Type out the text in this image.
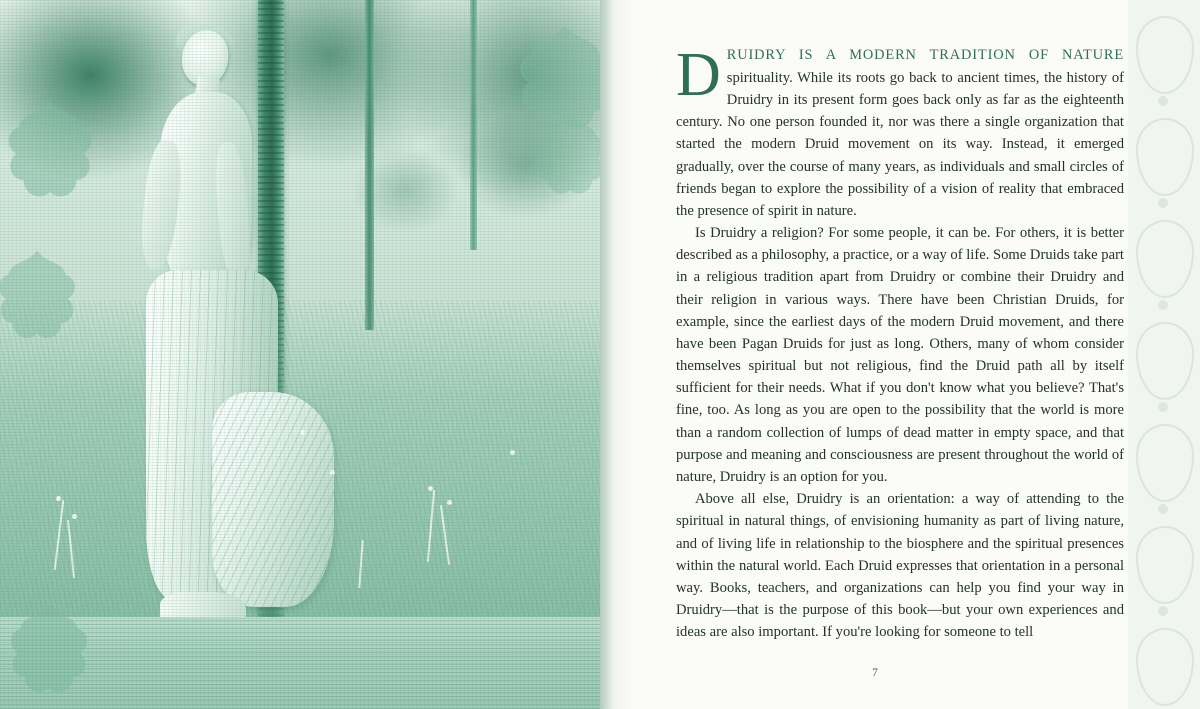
DRUIDRY IS A MODERN TRADITION OF NATURE spirituality. While its roots go back to ancient times, the history of Druidry in its present form goes back only as far as the eighteenth century. No one person founded it, nor was there a single organization that started the modern Druid movement on its way. Instead, it emerged gradually, over the course of many years, as individuals and small circles of friends began to explore the possibility of a vision of reality that embraced the presence of spirit in nature.

Is Druidry a religion? For some people, it can be. For others, it is better described as a philosophy, a practice, or a way of life. Some Druids take part in a religious tradition apart from Druidry or combine their Druidry and their religion in various ways. There have been Christian Druids, for example, since the earliest days of the modern Druid movement, and there have been Pagan Druids for just as long. Others, many of whom consider themselves spiritual but not religious, find the Druid path all by itself sufficient for their needs. What if you don't know what you believe? That's fine, too. As long as you are open to the possibility that the world is more than a random collection of lumps of dead matter in empty space, and that purpose and meaning and consciousness are present throughout the world of nature, Druidry is an option for you.

Above all else, Druidry is an orientation: a way of attending to the spiritual in natural things, of envisioning humanity as part of living nature, and of living life in relationship to the biosphere and the spiritual presences within the natural world. Each Druid expresses that orientation in a personal way. Books, teachers, and organizations can help you find your way in Druidry—that is the purpose of this book—but your own experiences and ideas are also important. If you're looking for someone to tell

7
